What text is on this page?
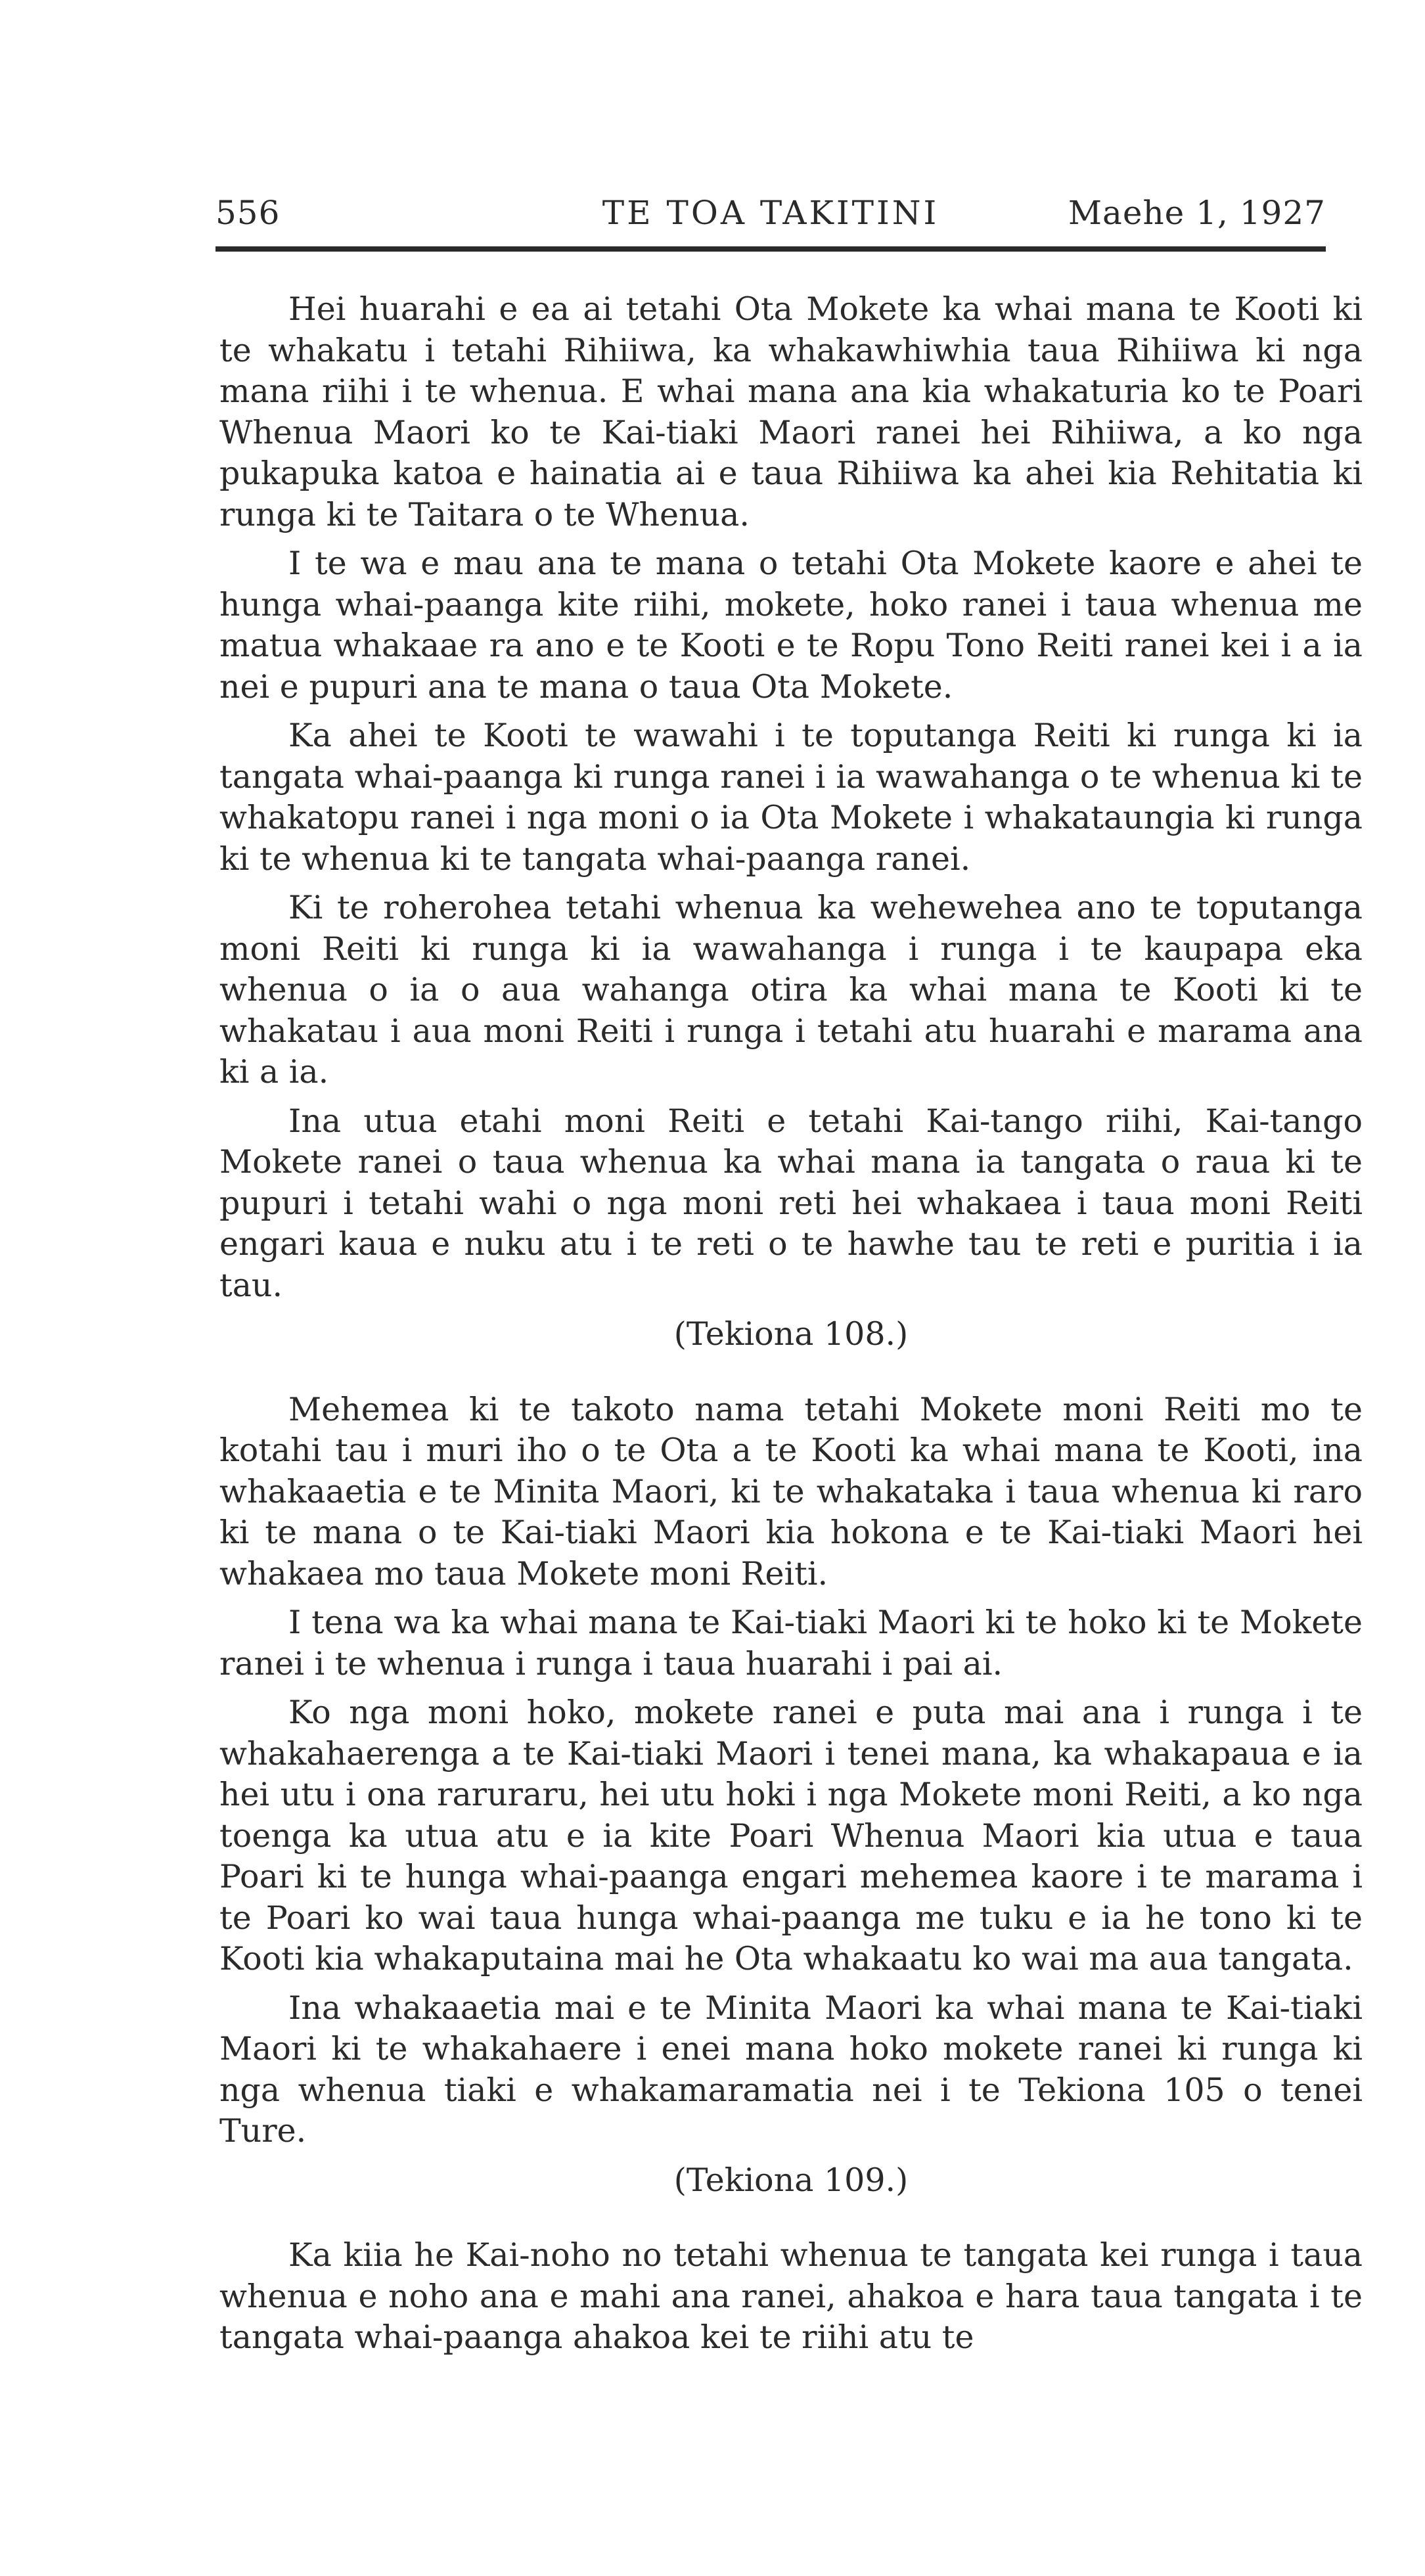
556	TE TOA TAKITINI	Maehe 1, 1927

Hei huarahi e ea ai tetahi Ota Mokete ka whai mana te Kooti ki te whakatu i tetahi Rihiiwa, ka whakawhiwhia taua Rihiiwa ki nga mana riihi i te whenua. E whai mana ana kia whakaturia ko te Poari Whenua Maori ko te Kai-tiaki Maori ranei hei Rihiiwa, a ko nga pukapuka katoa e hainatia ai e taua Rihiiwa ka ahei kia Rehitatia ki runga ki te Taitara o te Whenua.

I te wa e mau ana te mana o tetahi Ota Mokete kaore e ahei te hunga whai-paanga kite riihi, mokete, hoko ranei i taua whenua me matua whakaae ra ano e te Kooti e te Ropu Tono Reiti ranei kei i a ia nei e pupuri ana te mana o taua Ota Mokete.

Ka ahei te Kooti te wawahi i te toputanga Reiti ki runga ki ia tangata whai-paanga ki runga ranei i ia wawahanga o te whenua ki te whakatopu ranei i nga moni o ia Ota Mokete i whakataungia ki runga ki te whenua ki te tangata whai-paanga ranei.

Ki te roherohea tetahi whenua ka wehewehea ano te toputanga moni Reiti ki runga ki ia wawahanga i runga i te kaupapa eka whenua o ia o aua wahanga otira ka whai mana te Kooti ki te whakatau i aua moni Reiti i runga i tetahi atu huarahi e marama ana ki a ia.

Ina utua etahi moni Reiti e tetahi Kai-tango riihi, Kai-tango Mokete ranei o taua whenua ka whai mana ia tangata o raua ki te pupuri i tetahi wahi o nga moni reti hei whakaea i taua moni Reiti engari kaua e nuku atu i te reti o te hawhe tau te reti e puritia i ia tau.

(Tekiona 108.)

Mehemea ki te takoto nama tetahi Mokete moni Reiti mo te kotahi tau i muri iho o te Ota a te Kooti ka whai mana te Kooti, ina whakaaetia e te Minita Maori, ki te whakataka i taua whenua ki raro ki te mana o te Kai-tiaki Maori kia hokona e te Kai-tiaki Maori hei whakaea mo taua Mokete moni Reiti.

I tena wa ka whai mana te Kai-tiaki Maori ki te hoko ki te Mokete ranei i te whenua i runga i taua huarahi i pai ai.

Ko nga moni hoko, mokete ranei e puta mai ana i runga i te whakahaerenga a te Kai-tiaki Maori i tenei mana, ka whakapaua e ia hei utu i ona raruraru, hei utu hoki i nga Mokete moni Reiti, a ko nga toenga ka utua atu e ia kite Poari Whenua Maori kia utua e taua Poari ki te hunga whai-paanga engari mehemea kaore i te marama i te Poari ko wai taua hunga whai-paanga me tuku e ia he tono ki te Kooti kia whakaputaina mai he Ota whakaatu ko wai ma aua tangata.

Ina whakaaetia mai e te Minita Maori ka whai mana te Kai-tiaki Maori ki te whakahaere i enei mana hoko mokete ranei ki runga ki nga whenua tiaki e whakamaramatia nei i te Tekiona 105 o tenei Ture.

(Tekiona 109.)

Ka kiia he Kai-noho no tetahi whenua te tangata kei runga i taua whenua e noho ana e mahi ana ranei, ahakoa e hara taua tangata i te tangata whai-paanga ahakoa kei te riihi atu te
